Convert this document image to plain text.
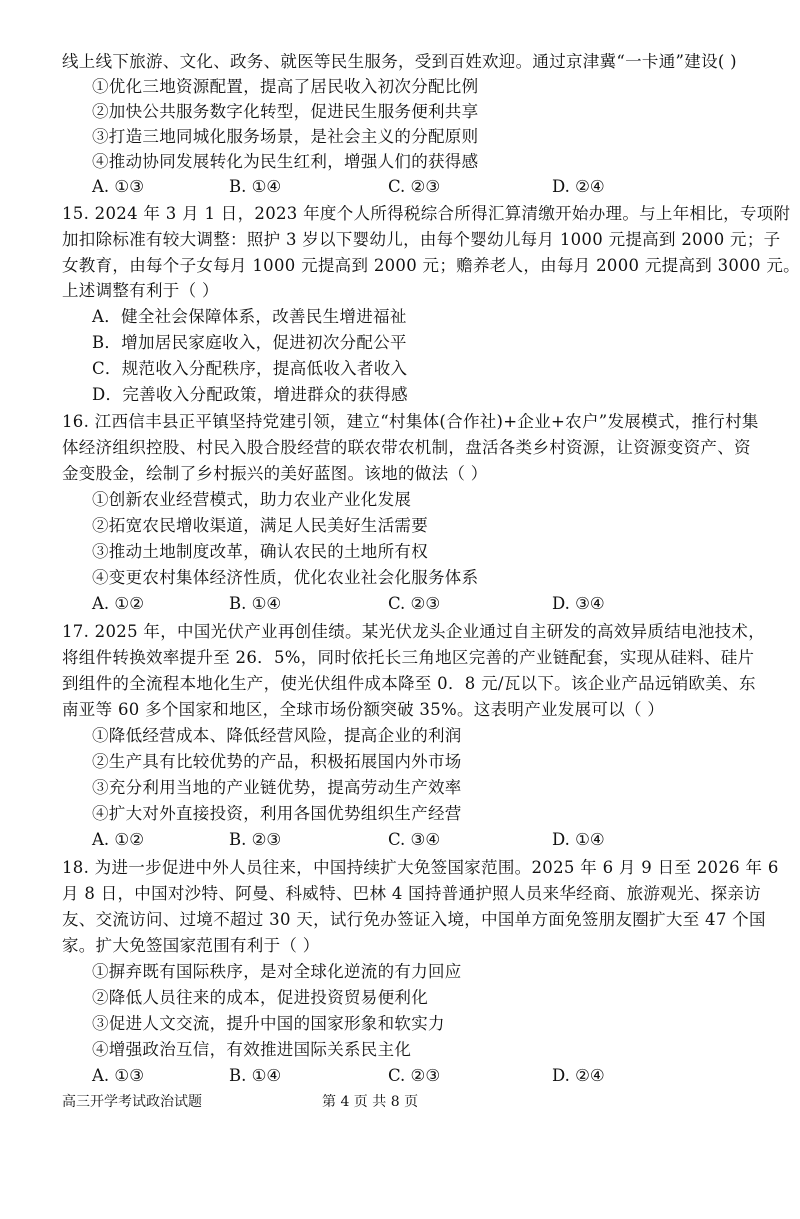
线上线下旅游、文化、政务、就医等民生服务，受到百姓欢迎。通过京津冀“一卡通”建设( )
①优化三地资源配置，提高了居民收入初次分配比例
②加快公共服务数字化转型，促进民生服务便利共享
③打造三地同城化服务场景，是社会主义的分配原则
④推动协同发展转化为民生红利，增强人们的获得感
A. ①③	B. ①④	C. ②③	D. ②④
15. 2024 年 3 月 1 日，2023 年度个人所得税综合所得汇算清缴开始办理。与上年相比，专项附
加扣除标准有较大调整：照护 3 岁以下婴幼儿，由每个婴幼儿每月 1000 元提高到 2000 元；子
女教育，由每个子女每月 1000 元提高到 2000 元；赡养老人，由每月 2000 元提高到 3000 元。
上述调整有利于（ ）
A．健全社会保障体系，改善民生增进福祉
B．增加居民家庭收入，促进初次分配公平
C．规范收入分配秩序，提高低收入者收入
D．完善收入分配政策，增进群众的获得感
16. 江西信丰县正平镇坚持党建引领，建立“村集体(合作社)+企业+农户”发展模式，推行村集
体经济组织控股、村民入股合股经营的联农带农机制，盘活各类乡村资源，让资源变资产、资
金变股金，绘制了乡村振兴的美好蓝图。该地的做法（ ）
①创新农业经营模式，助力农业产业化发展
②拓宽农民增收渠道，满足人民美好生活需要
③推动土地制度改革，确认农民的土地所有权
④变更农村集体经济性质，优化农业社会化服务体系
A. ①②	B. ①④	C. ②③	D. ③④
17. 2025 年，中国光伏产业再创佳绩。某光伏龙头企业通过自主研发的高效异质结电池技术，
将组件转换效率提升至 26．5%，同时依托长三角地区完善的产业链配套，实现从硅料、硅片
到组件的全流程本地化生产，使光伏组件成本降至 0．8 元/瓦以下。该企业产品远销欧美、东
南亚等 60 多个国家和地区，全球市场份额突破 35%。这表明产业发展可以（ ）
①降低经营成本、降低经营风险，提高企业的利润
②生产具有比较优势的产品，积极拓展国内外市场
③充分利用当地的产业链优势，提高劳动生产效率
④扩大对外直接投资，利用各国优势组织生产经营
A. ①②	B. ②③	C. ③④	D. ①④
18. 为进一步促进中外人员往来，中国持续扩大免签国家范围。2025 年 6 月 9 日至 2026 年 6
月 8 日，中国对沙特、阿曼、科威特、巴林 4 国持普通护照人员来华经商、旅游观光、探亲访
友、交流访问、过境不超过 30 天，试行免办签证入境，中国单方面免签朋友圈扩大至 47 个国
家。扩大免签国家范围有利于（ ）
①摒弃既有国际秩序，是对全球化逆流的有力回应
②降低人员往来的成本，促进投资贸易便利化
③促进人文交流，提升中国的国家形象和软实力
④增强政治互信，有效推进国际关系民主化
A. ①③	B. ①④	C. ②③	D. ②④
高三开学考试政治试题	第 4 页 共 8 页
